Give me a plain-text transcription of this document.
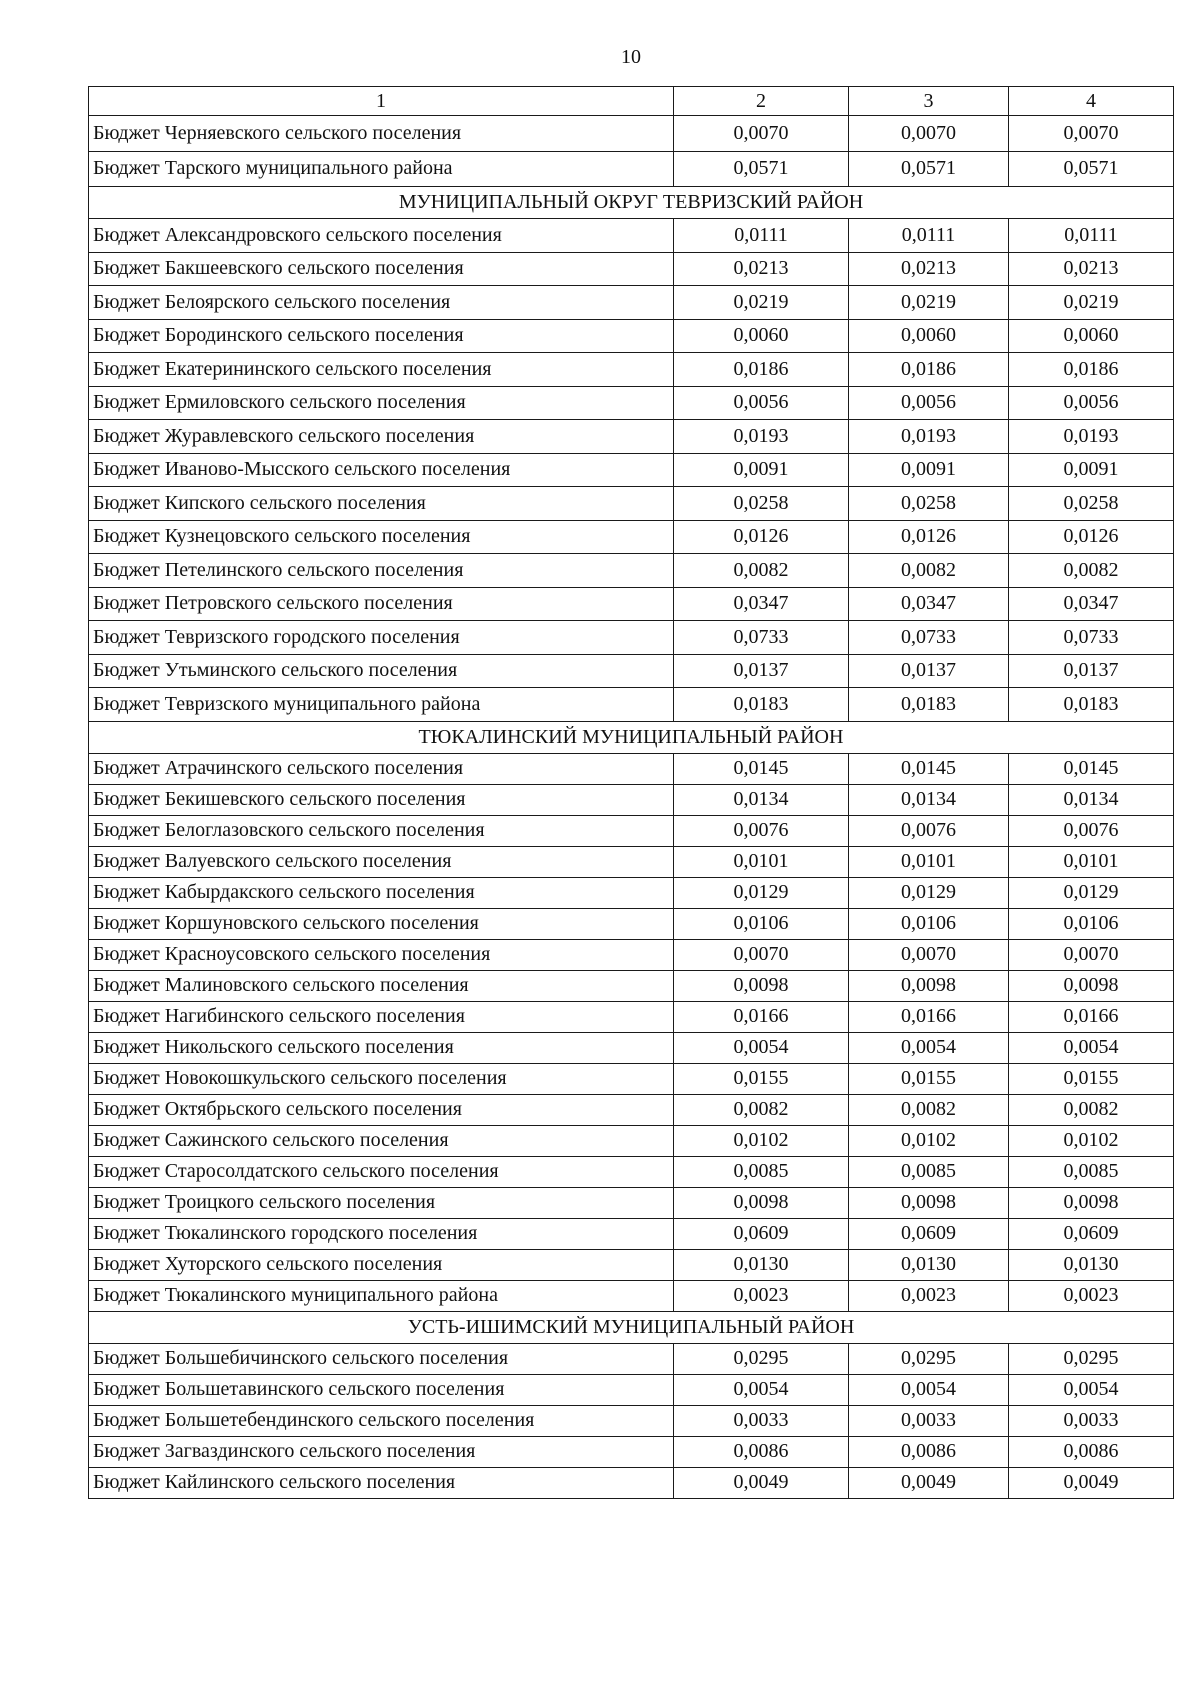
10
1	2	3	4
Бюджет Черняевского сельского поселения	0,0070	0,0070	0,0070
Бюджет Тарского муниципального района	0,0571	0,0571	0,0571
МУНИЦИПАЛЬНЫЙ ОКРУГ ТЕВРИЗСКИЙ РАЙОН			
Бюджет Александровского сельского поселения	0,0111	0,0111	0,0111
Бюджет Бакшеевского сельского поселения	0,0213	0,0213	0,0213
Бюджет Белоярского сельского поселения	0,0219	0,0219	0,0219
Бюджет Бородинского сельского поселения	0,0060	0,0060	0,0060
Бюджет Екатерининского сельского поселения	0,0186	0,0186	0,0186
Бюджет Ермиловского сельского поселения	0,0056	0,0056	0,0056
Бюджет Журавлевского сельского поселения	0,0193	0,0193	0,0193
Бюджет Иваново-Мысского сельского поселения	0,0091	0,0091	0,0091
Бюджет Кипского сельского поселения	0,0258	0,0258	0,0258
Бюджет Кузнецовского сельского поселения	0,0126	0,0126	0,0126
Бюджет Петелинского сельского поселения	0,0082	0,0082	0,0082
Бюджет Петровского сельского поселения	0,0347	0,0347	0,0347
Бюджет Тевризского городского поселения	0,0733	0,0733	0,0733
Бюджет Утьминского сельского поселения	0,0137	0,0137	0,0137
Бюджет Тевризского муниципального района	0,0183	0,0183	0,0183
ТЮКАЛИНСКИЙ МУНИЦИПАЛЬНЫЙ РАЙОН			
Бюджет Атрачинского сельского поселения	0,0145	0,0145	0,0145
Бюджет Бекишевского сельского поселения	0,0134	0,0134	0,0134
Бюджет Белоглазовского сельского поселения	0,0076	0,0076	0,0076
Бюджет Валуевского сельского поселения	0,0101	0,0101	0,0101
Бюджет Кабырдакского сельского поселения	0,0129	0,0129	0,0129
Бюджет Коршуновского сельского поселения	0,0106	0,0106	0,0106
Бюджет Красноусовского сельского поселения	0,0070	0,0070	0,0070
Бюджет Малиновского сельского поселения	0,0098	0,0098	0,0098
Бюджет Нагибинского сельского поселения	0,0166	0,0166	0,0166
Бюджет Никольского сельского поселения	0,0054	0,0054	0,0054
Бюджет Новокошкульского сельского поселения	0,0155	0,0155	0,0155
Бюджет Октябрьского сельского поселения	0,0082	0,0082	0,0082
Бюджет Сажинского сельского поселения	0,0102	0,0102	0,0102
Бюджет Старосолдатского сельского поселения	0,0085	0,0085	0,0085
Бюджет Троицкого сельского поселения	0,0098	0,0098	0,0098
Бюджет Тюкалинского городского поселения	0,0609	0,0609	0,0609
Бюджет Хуторского сельского поселения	0,0130	0,0130	0,0130
Бюджет Тюкалинского муниципального района	0,0023	0,0023	0,0023
УСТЬ-ИШИМСКИЙ МУНИЦИПАЛЬНЫЙ РАЙОН			
Бюджет Большебичинского сельского поселения	0,0295	0,0295	0,0295
Бюджет Большетавинского сельского поселения	0,0054	0,0054	0,0054
Бюджет Большетебендинского сельского поселения	0,0033	0,0033	0,0033
Бюджет Загваздинского сельского поселения	0,0086	0,0086	0,0086
Бюджет Кайлинского сельского поселения	0,0049	0,0049	0,0049
